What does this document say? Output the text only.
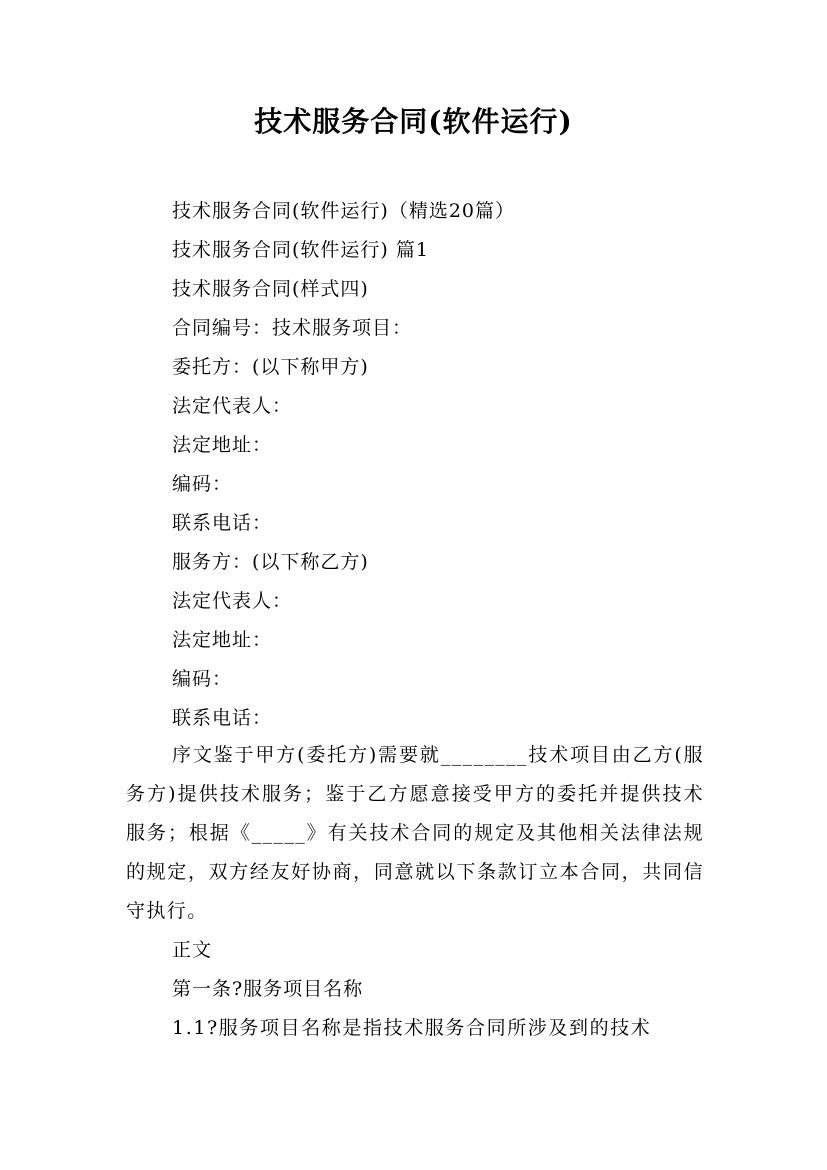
技术服务合同(软件运行)
技术服务合同(软件运行)（精选20篇）
技术服务合同(软件运行) 篇1
技术服务合同(样式四)
合同编号：技术服务项目：
委托方：(以下称甲方)
法定代表人：
法定地址：
编码：
联系电话：
服务方：(以下称乙方)
法定代表人：
法定地址：
编码：
联系电话：
序文鉴于甲方(委托方)需要就________技术项目由乙方(服务方)提供技术服务；鉴于乙方愿意接受甲方的委托并提供技术服务；根据《_____》有关技术合同的规定及其他相关法律法规的规定，双方经友好协商，同意就以下条款订立本合同，共同信守执行。
正文
第一条?服务项目名称
1.1?服务项目名称是指技术服务合同所涉及到的技术
